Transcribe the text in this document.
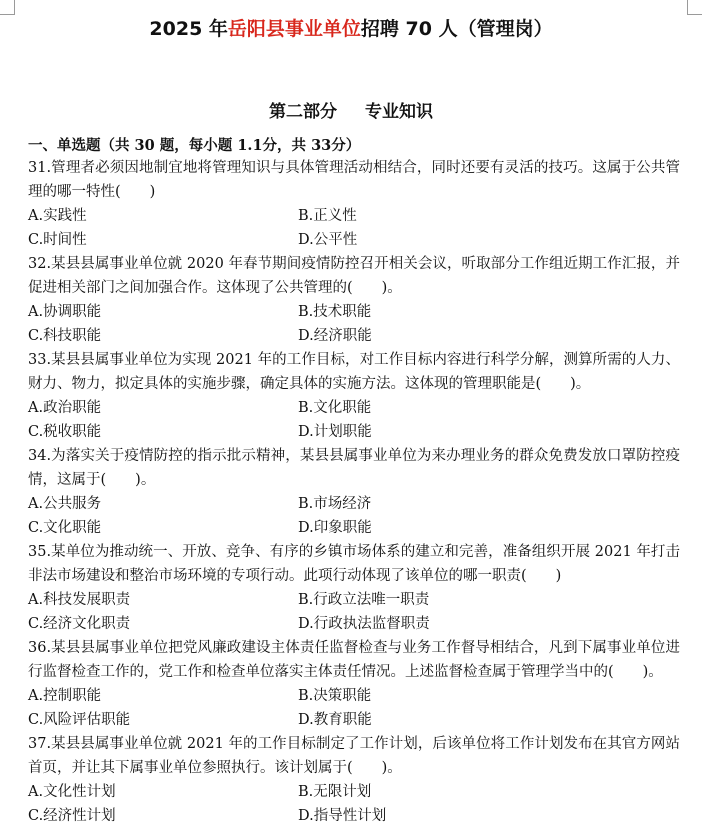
2025 年岳阳县事业单位招聘 70 人（管理岗）
第二部分 专业知识
一、单选题（共 30 题，每小题 1.1分，共 33分）
31.管理者必须因地制宜地将管理知识与具体管理活动相结合，同时还要有灵活的技巧。这属于公共管理的哪一特性(　　)
A.实践性	B.正义性
C.时间性	D.公平性
32.某县县属事业单位就 2020 年春节期间疫情防控召开相关会议，听取部分工作组近期工作汇报，并促进相关部门之间加强合作。这体现了公共管理的(　　)。
A.协调职能	B.技术职能
C.科技职能	D.经济职能
33.某县县属事业单位为实现 2021 年的工作目标，对工作目标内容进行科学分解，测算所需的人力、财力、物力，拟定具体的实施步骤，确定具体的实施方法。这体现的管理职能是(　　)。
A.政治职能	B.文化职能
C.税收职能	D.计划职能
34.为落实关于疫情防控的指示批示精神，某县县属事业单位为来办理业务的群众免费发放口罩防控疫情，这属于(　　)。
A.公共服务	B.市场经济
C.文化职能	D.印象职能
35.某单位为推动统一、开放、竞争、有序的乡镇市场体系的建立和完善，准备组织开展 2021 年打击非法市场建设和整治市场环境的专项行动。此项行动体现了该单位的哪一职责(　　)
A.科技发展职责	B.行政立法唯一职责
C.经济文化职责	D.行政执法监督职责
36.某县县属事业单位把党风廉政建设主体责任监督检查与业务工作督导相结合，凡到下属事业单位进行监督检查工作的，党工作和检查单位落实主体责任情况。上述监督检查属于管理学当中的(　　)。
A.控制职能	B.决策职能
C.风险评估职能	D.教育职能
37.某县县属事业单位就 2021 年的工作目标制定了工作计划，后该单位将工作计划发布在其官方网站首页，并让其下属事业单位参照执行。该计划属于(　　)。
A.文化性计划	B.无限计划
C.经济性计划	D.指导性计划
